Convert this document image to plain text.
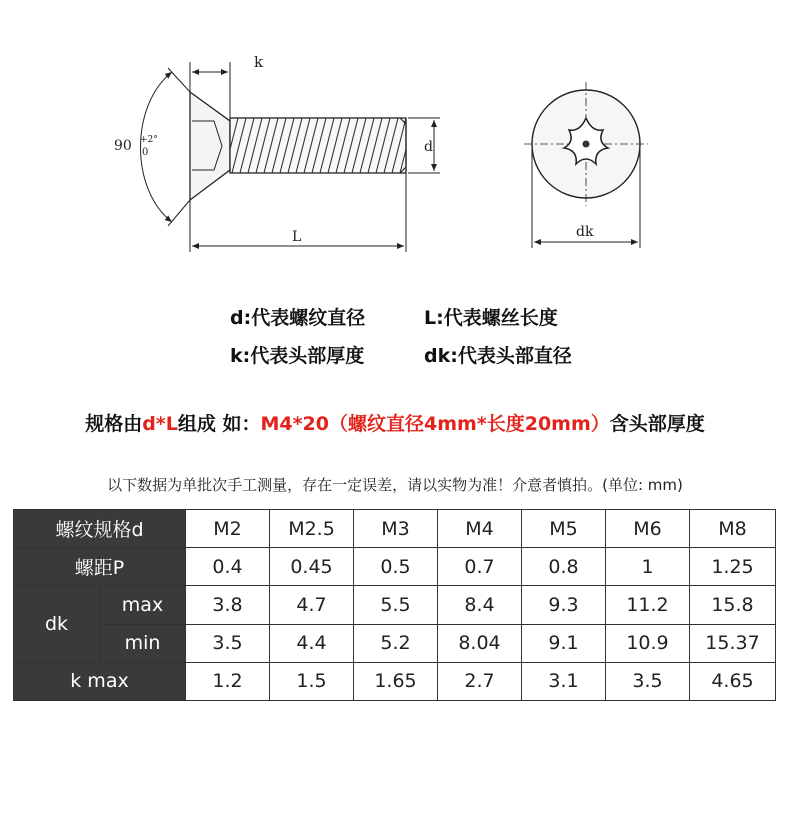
k
90 +2°
0	d
L	dk
d:代表螺纹直径	L:代表螺丝长度
k:代表头部厚度	dk:代表头部直径
规格由d*L组成 如：M4*20（螺纹直径4mm*长度20mm）含头部厚度
以下数据为单批次手工测量，存在一定误差，请以实物为准！介意者慎拍。(单位: mm)
螺纹规格d		M2	M2.5	M3	M4	M5	M6	M8
螺距P		0.4	0.45	0.5	0.7	0.8	1	1.25
dk	max	3.8	4.7	5.5	8.4	9.3	11.2	15.8
	min	3.5	4.4	5.2	8.04	9.1	10.9	15.37
k max		1.2	1.5	1.65	2.7	3.1	3.5	4.65
